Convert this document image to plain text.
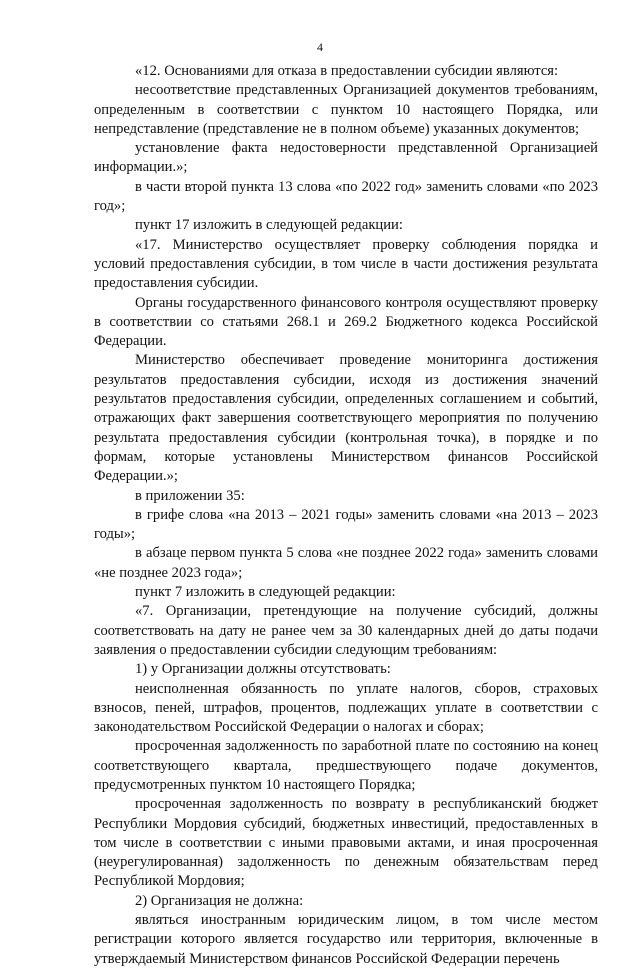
4

«12. Основаниями для отказа в предоставлении субсидии являются:

несоответствие представленных Организацией документов требованиям, определенным в соответствии с пунктом 10 настоящего Порядка, или непредставление (представление не в полном объеме) указанных документов;

установление факта недостоверности представленной Организацией информации.»;

в части второй пункта 13 слова «по 2022 год» заменить словами «по 2023 год»;

пункт 17 изложить в следующей редакции:

«17. Министерство осуществляет проверку соблюдения порядка и условий предоставления субсидии, в том числе в части достижения результата предоставления субсидии.

Органы государственного финансового контроля осуществляют проверку в соответствии со статьями 268.1 и 269.2 Бюджетного кодекса Российской Федерации.

Министерство обеспечивает проведение мониторинга достижения результатов предоставления субсидии, исходя из достижения значений результатов предоставления субсидии, определенных соглашением и событий, отражающих факт завершения соответствующего мероприятия по получению результата предоставления субсидии (контрольная точка), в порядке и по формам, которые установлены Министерством финансов Российской Федерации.»;

в приложении 35:

в грифе слова «на 2013 – 2021 годы» заменить словами «на 2013 – 2023 годы»;

в абзаце первом пункта 5 слова «не позднее 2022 года» заменить словами «не позднее 2023 года»;

пункт 7 изложить в следующей редакции:

«7. Организации, претендующие на получение субсидий, должны соответствовать на дату не ранее чем за 30 календарных дней до даты подачи заявления о предоставлении субсидии следующим требованиям:

1) у Организации должны отсутствовать:

неисполненная обязанность по уплате налогов, сборов, страховых взносов, пеней, штрафов, процентов, подлежащих уплате в соответствии с законодательством Российской Федерации о налогах и сборах;

просроченная задолженность по заработной плате по состоянию на конец соответствующего квартала, предшествующего подаче документов, предусмотренных пунктом 10 настоящего Порядка;

просроченная задолженность по возврату в республиканский бюджет Республики Мордовия субсидий, бюджетных инвестиций, предоставленных в том числе в соответствии с иными правовыми актами, и иная просроченная (неурегулированная) задолженность по денежным обязательствам перед Республикой Мордовия;

2) Организация не должна:

являться иностранным юридическим лицом, в том числе местом регистрации которого является государство или территория, включенные в утверждаемый Министерством финансов Российской Федерации перечень
